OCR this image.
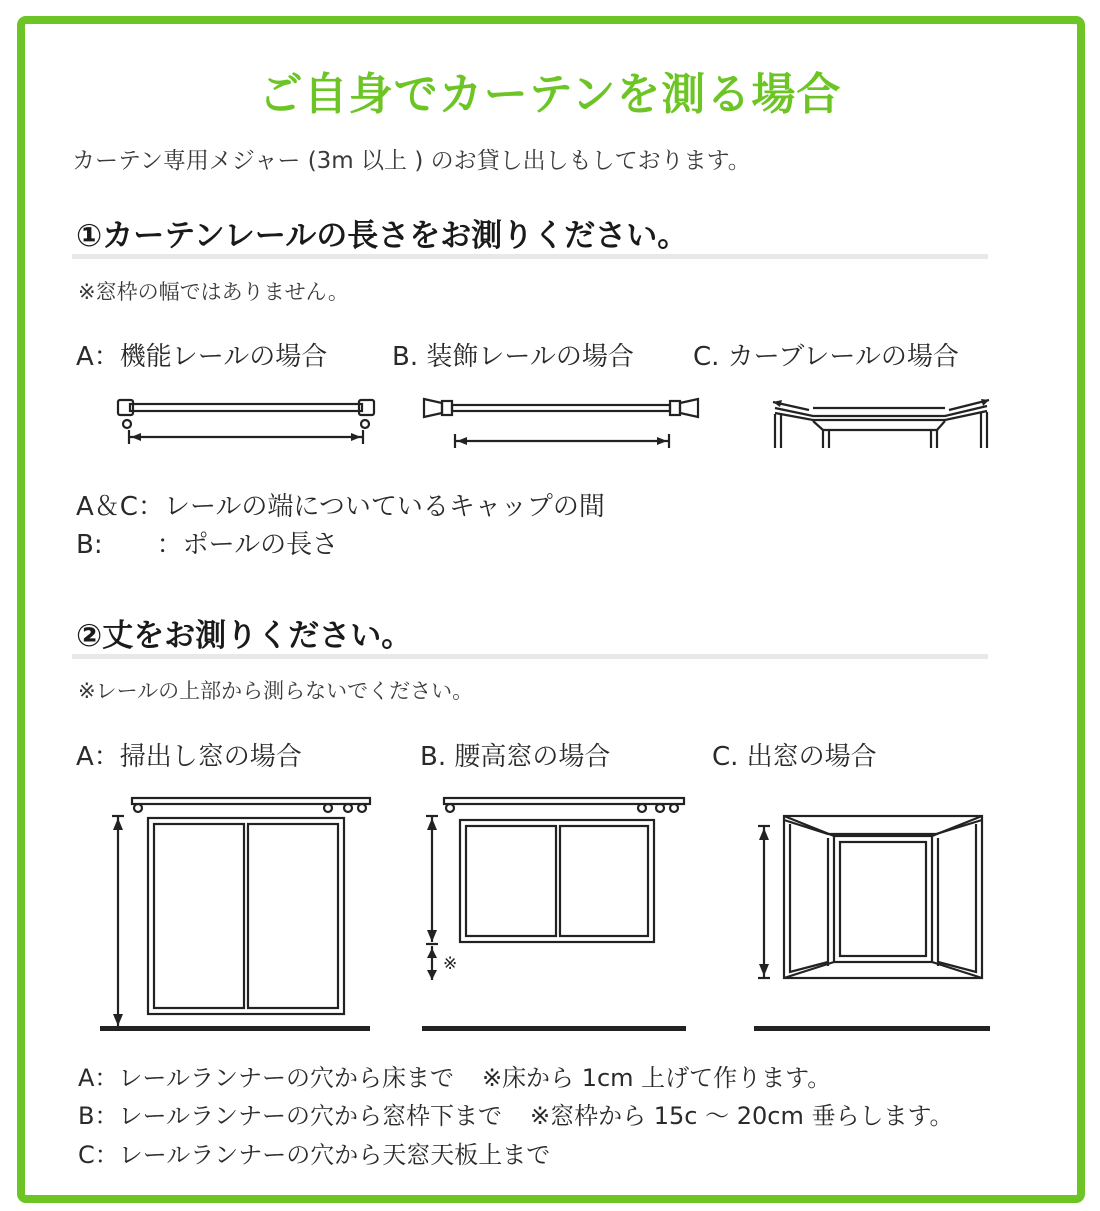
ご自身でカーテンを測る場合
カーテン専用メジャー (3m 以上 ) のお貸し出しもしております。
①カーテンレールの長さをお測りください。
※窓枠の幅ではありません。
A：機能レールの場合 B. 装飾レールの場合 C. カーブレールの場合
A＆C：レールの端についているキャップの間
B: ：ポールの長さ
②丈をお測りください。
※レールの上部から測らないでください。
A：掃出し窓の場合	B. 腰高窓の場合	C. 出窓の場合
※
A：レールランナーの穴から床まで ※床から 1cm 上げて作ります。
B：レールランナーの穴から窓枠下まで ※窓枠から 15c ～ 20cm 垂らします。
C：レールランナーの穴から天窓天板上まで
